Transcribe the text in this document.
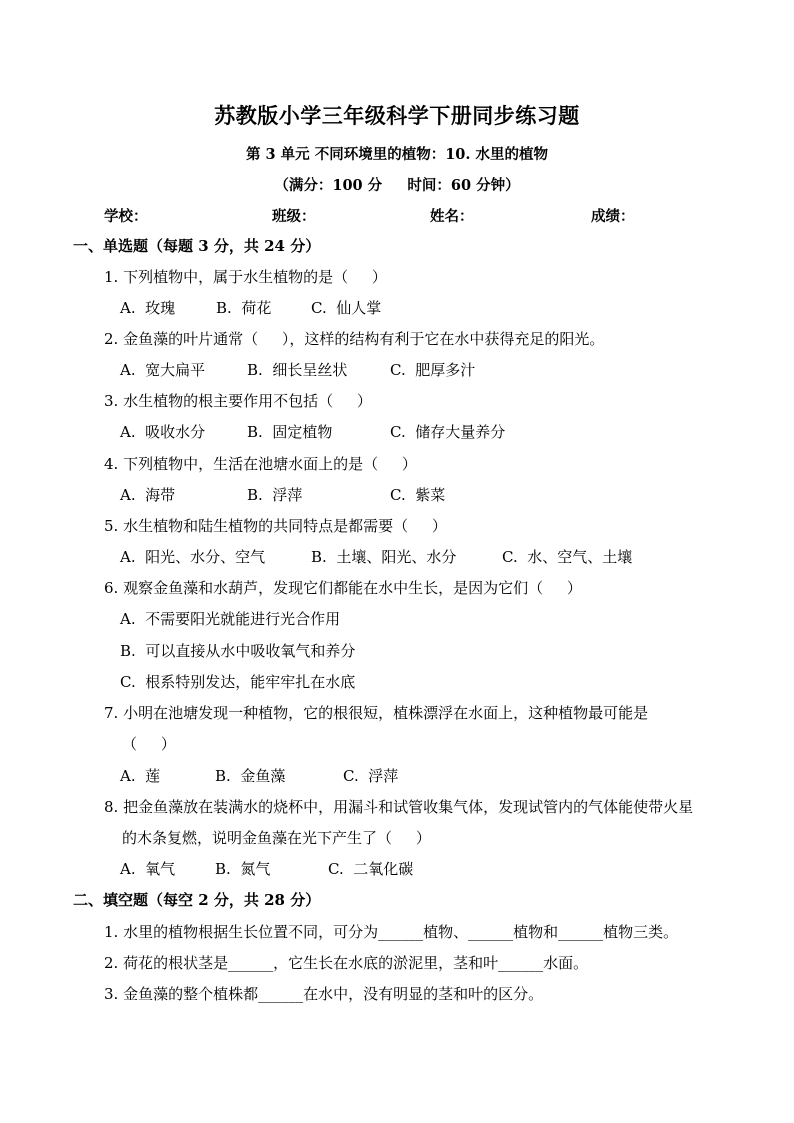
苏教版小学三年级科学下册同步练习题
第 3 单元 不同环境里的植物：10. 水里的植物
（满分：100 分     时间：60 分钟）
学校：	班级：	姓名：	成绩：
一、单选题（每题 3 分，共 24 分）
1. 下列植物中，属于水生植物的是（     ）
A.  玫瑰	B.  荷花	C.  仙人掌
2. 金鱼藻的叶片通常（     ），这样的结构有利于它在水中获得充足的阳光。
A.  宽大扁平	B.  细长呈丝状	C.  肥厚多汁
3. 水生植物的根主要作用不包括（     ）
A.  吸收水分	B.  固定植物	C.  储存大量养分
4. 下列植物中，生活在池塘水面上的是（     ）
A.  海带	B.  浮萍	C.  紫菜
5. 水生植物和陆生植物的共同特点是都需要（     ）
A.  阳光、水分、空气	B.  土壤、阳光、水分	C.  水、空气、土壤
6. 观察金鱼藻和水葫芦，发现它们都能在水中生长，是因为它们（     ）
A.  不需要阳光就能进行光合作用
B.  可以直接从水中吸收氧气和养分
C.  根系特别发达，能牢牢扎在水底
7. 小明在池塘发现一种植物，它的根很短，植株漂浮在水面上，这种植物最可能是
（     ）
A.  莲	B.  金鱼藻	C.  浮萍
8. 把金鱼藻放在装满水的烧杯中，用漏斗和试管收集气体，发现试管内的气体能使带火星
的木条复燃，说明金鱼藻在光下产生了（     ）
A.  氧气	B.  氮气	C.  二氧化碳
二、填空题（每空 2 分，共 28 分）
1. 水里的植物根据生长位置不同，可分为______植物、______植物和______植物三类。
2. 荷花的根状茎是______，它生长在水底的淤泥里，茎和叶______水面。
3. 金鱼藻的整个植株都______在水中，没有明显的茎和叶的区分。
